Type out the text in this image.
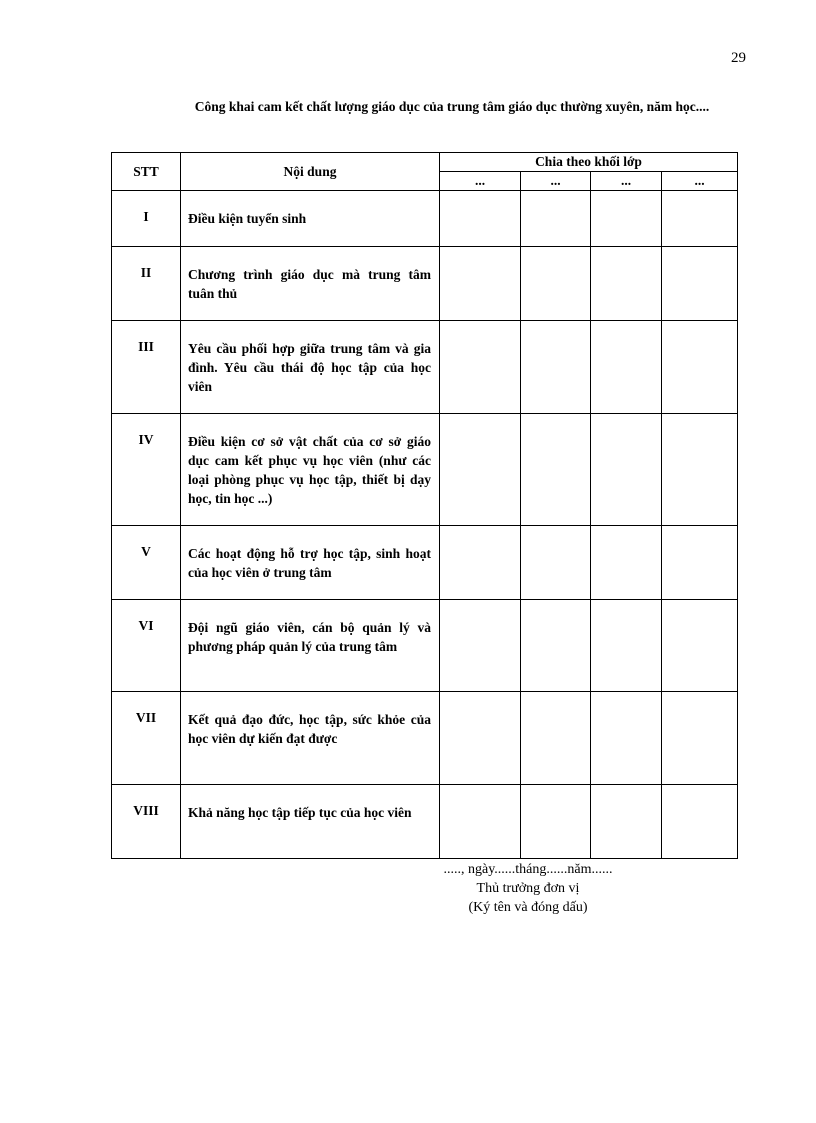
29
Công khai cam kết chất lượng giáo dục của trung tâm giáo dục thường xuyên, năm học....
STT	Nội dung	Chia theo khối lớp			
		...	...	...	...
I	Điều kiện tuyển sinh				
II	Chương trình giáo dục mà trung tâm tuân thủ				
III	Yêu cầu phối hợp giữa trung tâm và gia đình. Yêu cầu thái độ học tập của học viên				
IV	Điều kiện cơ sở vật chất của cơ sở giáo dục cam kết phục vụ học viên (như các loại phòng phục vụ học tập, thiết bị dạy học, tin học ...)				
V	Các hoạt động hỗ trợ học tập, sinh hoạt của học viên ở trung tâm				
VI	Đội ngũ giáo viên, cán bộ quản lý và phương pháp quản lý của trung tâm				
VII	Kết quả đạo đức, học tập, sức khỏe của học viên dự kiến đạt được				
VIII	Khả năng học tập tiếp tục của học viên				
....., ngày......tháng......năm......
Thủ trưởng đơn vị
(Ký tên và đóng dấu)
